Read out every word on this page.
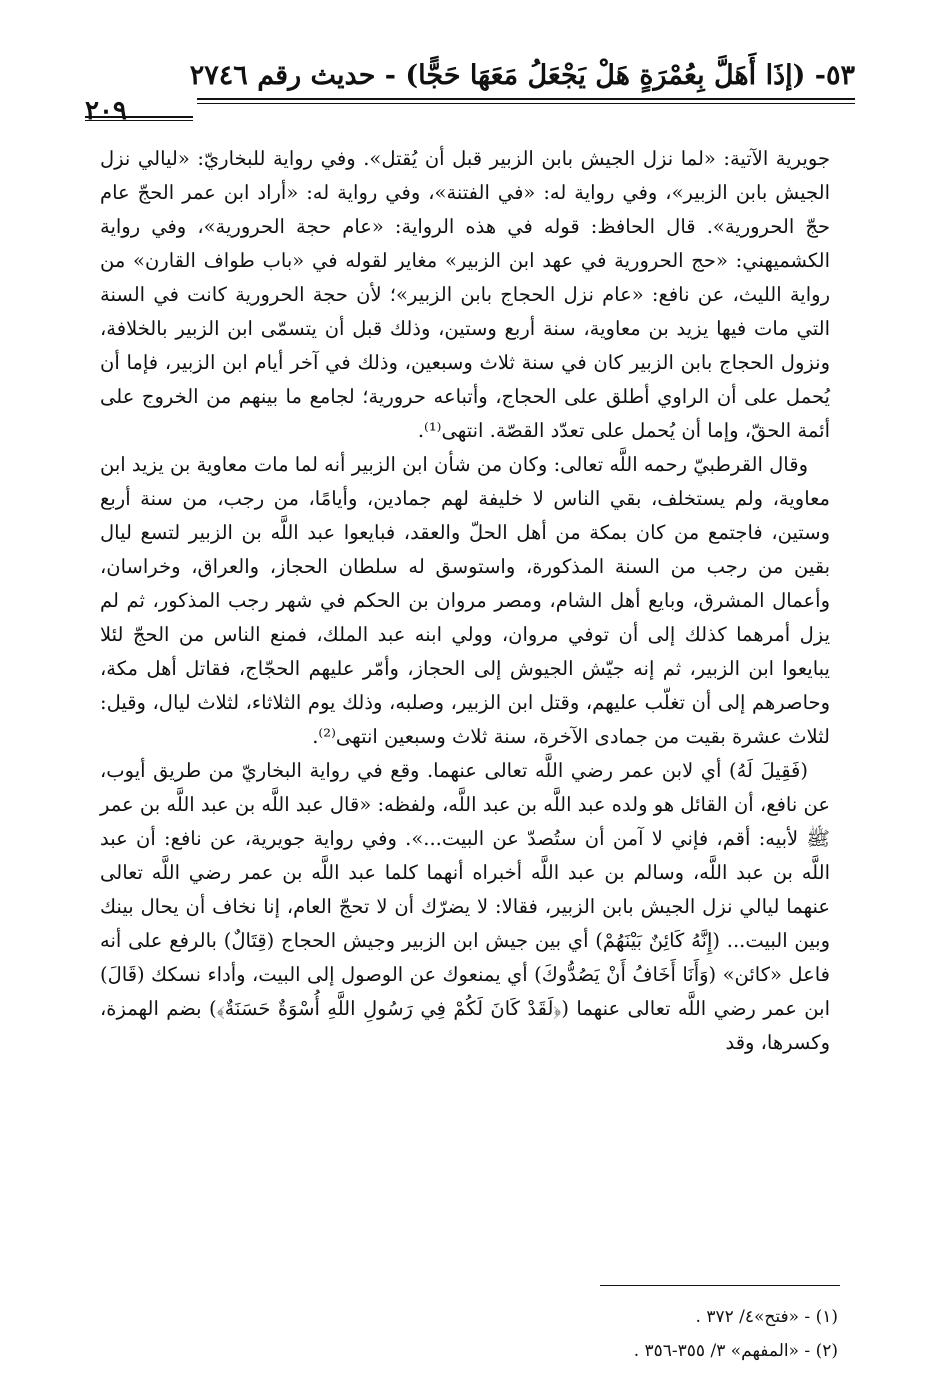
٥٣- (إذَا أَهَلَّ بِعُمْرَةٍ هَلْ يَجْعَلُ مَعَهَا حَجًّا) - حديث رقم ٢٧٤٦
٢٠٩

جويرية الآتية: «لما نزل الجيش بابن الزبير قبل أن يُقتل». وفي رواية للبخاريّ: «ليالي نزل الجيش بابن الزبير»، وفي رواية له: «في الفتنة»، وفي رواية له: «أراد ابن عمر الحجّ عام حجّ الحرورية». قال الحافظ: قوله في هذه الرواية: «عام حجة الحرورية»، وفي رواية الكشميهني: «حج الحرورية في عهد ابن الزبير» مغاير لقوله في «باب طواف القارن» من رواية الليث، عن نافع: «عام نزل الحجاج بابن الزبير»؛ لأن حجة الحرورية كانت في السنة التي مات فيها يزيد بن معاوية، سنة أربع وستين، وذلك قبل أن يتسمّى ابن الزبير بالخلافة، ونزول الحجاج بابن الزبير كان في سنة ثلاث وسبعين، وذلك في آخر أيام ابن الزبير، فإما أن يُحمل على أن الراوي أطلق على الحجاج، وأتباعه حرورية؛ لجامع ما بينهم من الخروج على أئمة الحقّ، وإما أن يُحمل على تعدّد القصّة. انتهى⁽¹⁾.

وقال القرطبيّ رحمه اللَّه تعالى: وكان من شأن ابن الزبير أنه لما مات معاوية بن يزيد ابن معاوية، ولم يستخلف، بقي الناس لا خليفة لهم جمادين، وأيامًا، من رجب، من سنة أربع وستين، فاجتمع من كان بمكة من أهل الحلّ والعقد، فبايعوا عبد اللَّه بن الزبير لتسع ليال بقين من رجب من السنة المذكورة، واستوسق له سلطان الحجاز، والعراق، وخراسان، وأعمال المشرق، وبايع أهل الشام، ومصر مروان بن الحكم في شهر رجب المذكور، ثم لم يزل أمرهما كذلك إلى أن توفي مروان، وولي ابنه عبد الملك، فمنع الناس من الحجّ لئلا يبايعوا ابن الزبير، ثم إنه جيّش الجيوش إلى الحجاز، وأمّر عليهم الحجّاج، فقاتل أهل مكة، وحاصرهم إلى أن تغلّب عليهم، وقتل ابن الزبير، وصلبه، وذلك يوم الثلاثاء، لثلاث ليال، وقيل: لثلاث عشرة بقيت من جمادى الآخرة، سنة ثلاث وسبعين انتهى⁽²⁾.

(فَقِيلَ لَهُ) أي لابن عمر رضي اللَّه تعالى عنهما. وقع في رواية البخاريّ من طريق أيوب، عن نافع، أن القائل هو ولده عبد اللَّه بن عبد اللَّه، ولفظه: «قال عبد اللَّه بن عبد اللَّه بن عمر ﷺ لأبيه: أقم، فإني لا آمن أن ستُصدّ عن البيت...». وفي رواية جويرية، عن نافع: أن عبد اللَّه بن عبد اللَّه، وسالم بن عبد اللَّه أخبراه أنهما كلما عبد اللَّه بن عمر رضي اللَّه تعالى عنهما ليالي نزل الجيش بابن الزبير، فقالا: لا يضرّك أن لا تحجّ العام، إنا نخاف أن يحال بينك وبين البيت... (إِنَّهُ كَائِنٌ بَيْنَهُمْ) أي بين جيش ابن الزبير وجيش الحجاج (قِتَالٌ) بالرفع على أنه فاعل «كائن» (وَأَنَا أَخَافُ أَنْ يَصُدُّوكَ) أي يمنعوك عن الوصول إلى البيت، وأداء نسكك (قَالَ) ابن عمر رضي اللَّه تعالى عنهما (﴿لَقَدْ كَانَ لَكُمْ فِي رَسُولِ اللَّهِ أُسْوَةٌ حَسَنَةٌ﴾) بضم الهمزة، وكسرها، وقد

(١) - «فتح»٤/ ٣٧٢ .
(٢) - «المفهم» ٣/ ٣٥٥-٣٥٦ .
